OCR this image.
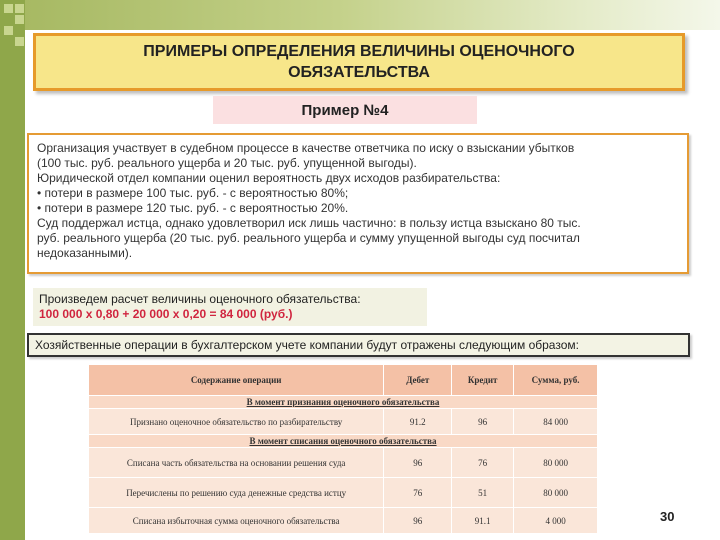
ПРИМЕРЫ ОПРЕДЕЛЕНИЯ ВЕЛИЧИНЫ ОЦЕНОЧНОГО ОБЯЗАТЕЛЬСТВА
Пример №4
Организация участвует в судебном процессе в качестве ответчика по иску о взыскании убытков
(100 тыс. руб. реального ущерба и 20 тыс. руб. упущенной выгоды).
Юридической отдел компании оценил вероятность двух исходов разбирательства:
• потери в размере 100 тыс. руб. - с вероятностью 80%;
• потери в размере 120 тыс. руб. - с вероятностью 20%.
Суд поддержал истца, однако удовлетворил иск лишь частично: в пользу истца взыскано 80 тыс.
руб. реального ущерба (20 тыс. руб. реального ущерба и сумму упущенной выгоды суд посчитал
недоказанными).
Произведем расчет величины оценочного обязательства:
100 000 х 0,80 + 20 000 х 0,20 = 84 000 (руб.)
Хозяйственные операции в бухгалтерском учете компании будут отражены следующим образом:
Содержание операции	Дебет	Кредит	Сумма, руб.
В момент признания оценочного обязательства			
Признано оценочное обязательство по разбирательству	91.2	96	84 000
В момент списания оценочного обязательства			
Списана часть обязательства на основании решения суда	96	76	80 000
Перечислены по решению суда денежные средства истцу	76	51	80 000
Списана избыточная сумма оценочного обязательства	96	91.1	4 000	30
